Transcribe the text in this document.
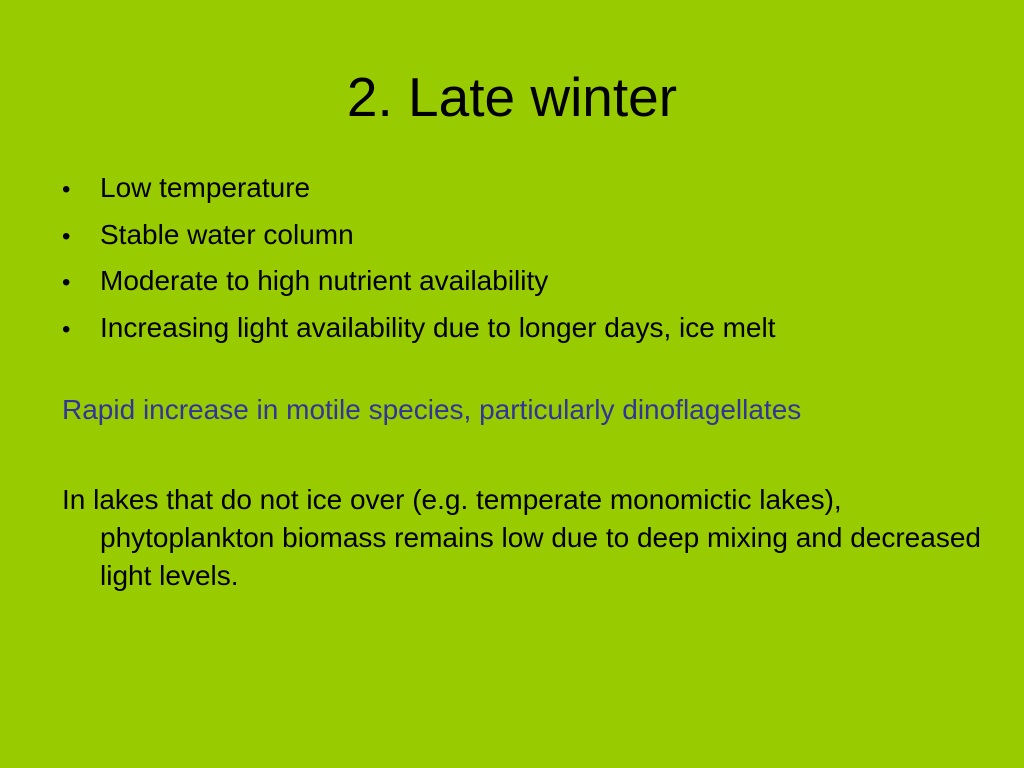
2. Late winter
•	Low temperature
•	Stable water column
•	Moderate to high nutrient availability
•	Increasing light availability due to longer days, ice melt

Rapid increase in motile species, particularly dinoflagellates

In lakes that do not ice over (e.g. temperate monomictic lakes), phytoplankton biomass remains low due to deep mixing and decreased light levels.
